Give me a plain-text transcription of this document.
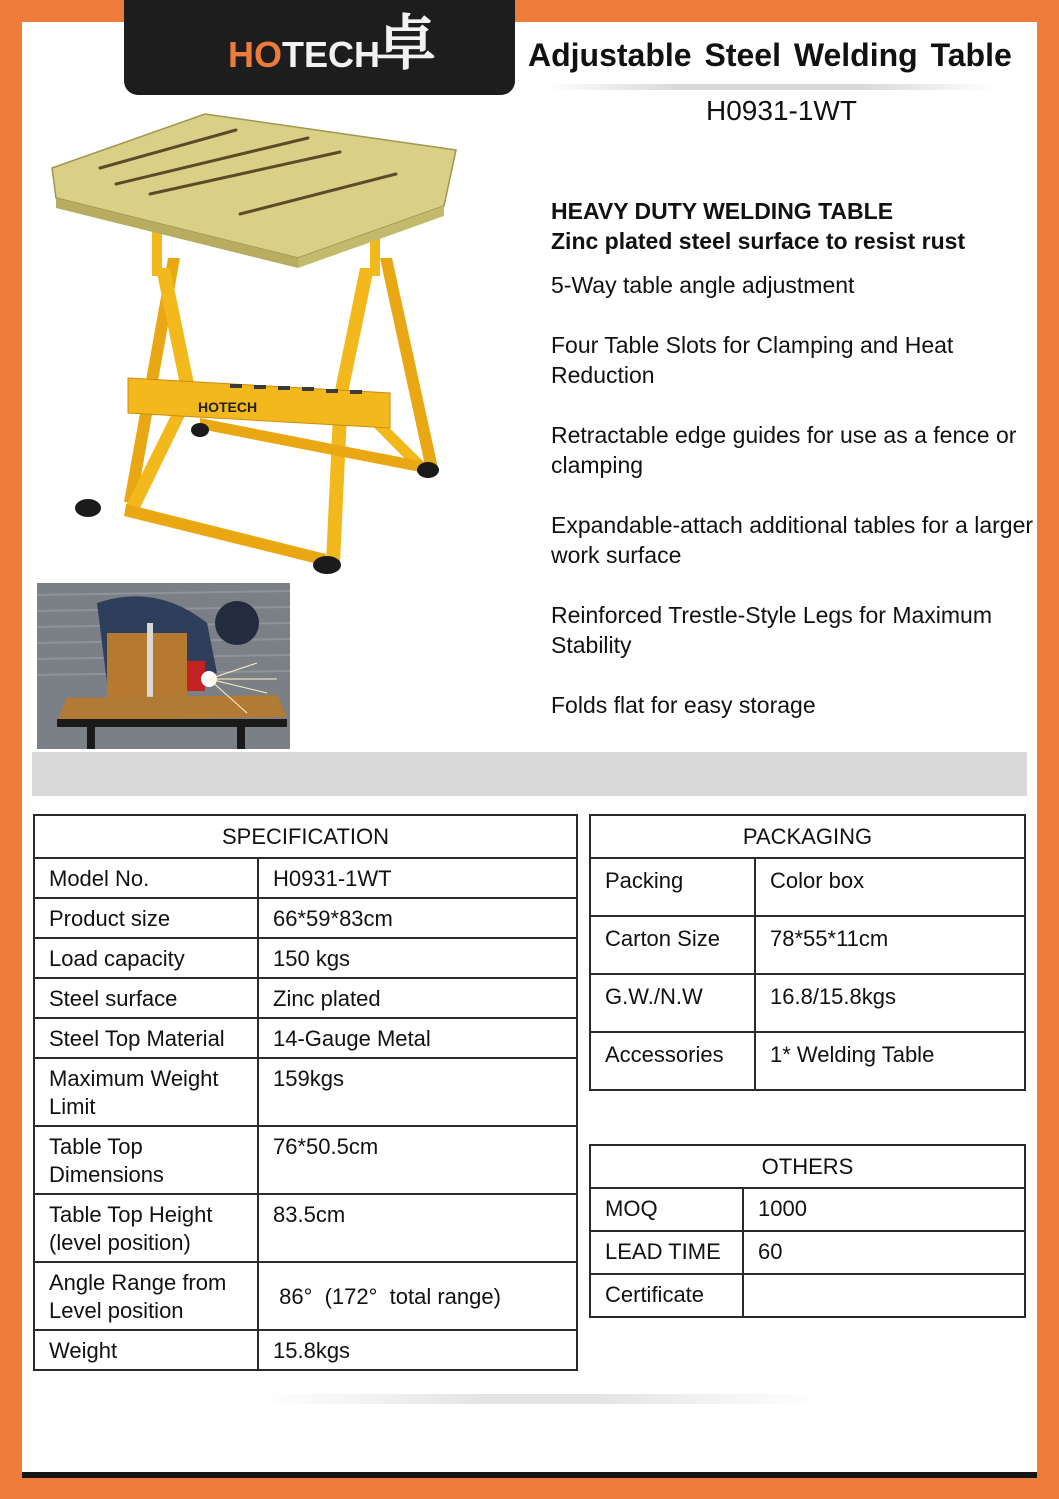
HOTECH
卓	Adjustable Steel Welding Table
H0931-1WT
HOTECH
HEAVY DUTY WELDING TABLE
Zinc plated steel surface to resist rust
5-Way table angle adjustment
Four Table Slots for Clamping and Heat Reduction
Retractable edge guides for use as a fence or clamping
Expandable-attach additional tables for a larger work surface
Reinforced Trestle-Style Legs for Maximum Stability
Folds flat for easy storage
SPECIFICATION	
Model No.	H0931-1WT
Product size	66*59*83cm
Load capacity	150 kgs
Steel surface	Zinc plated
Steel Top Material	14-Gauge Metal
Maximum Weight Limit	159kgs
Table Top Dimensions	76*50.5cm
Table Top Height (level position)	83.5cm
Angle Range from Level position	86°  (172°  total range)
Weight	15.8kgs
PACKAGING	
Packing	Color box
Carton Size	78*55*11cm
G.W./N.W	16.8/15.8kgs
Accessories	1* Welding Table
OTHERS	
MOQ	1000
LEAD TIME	60
Certificate	
